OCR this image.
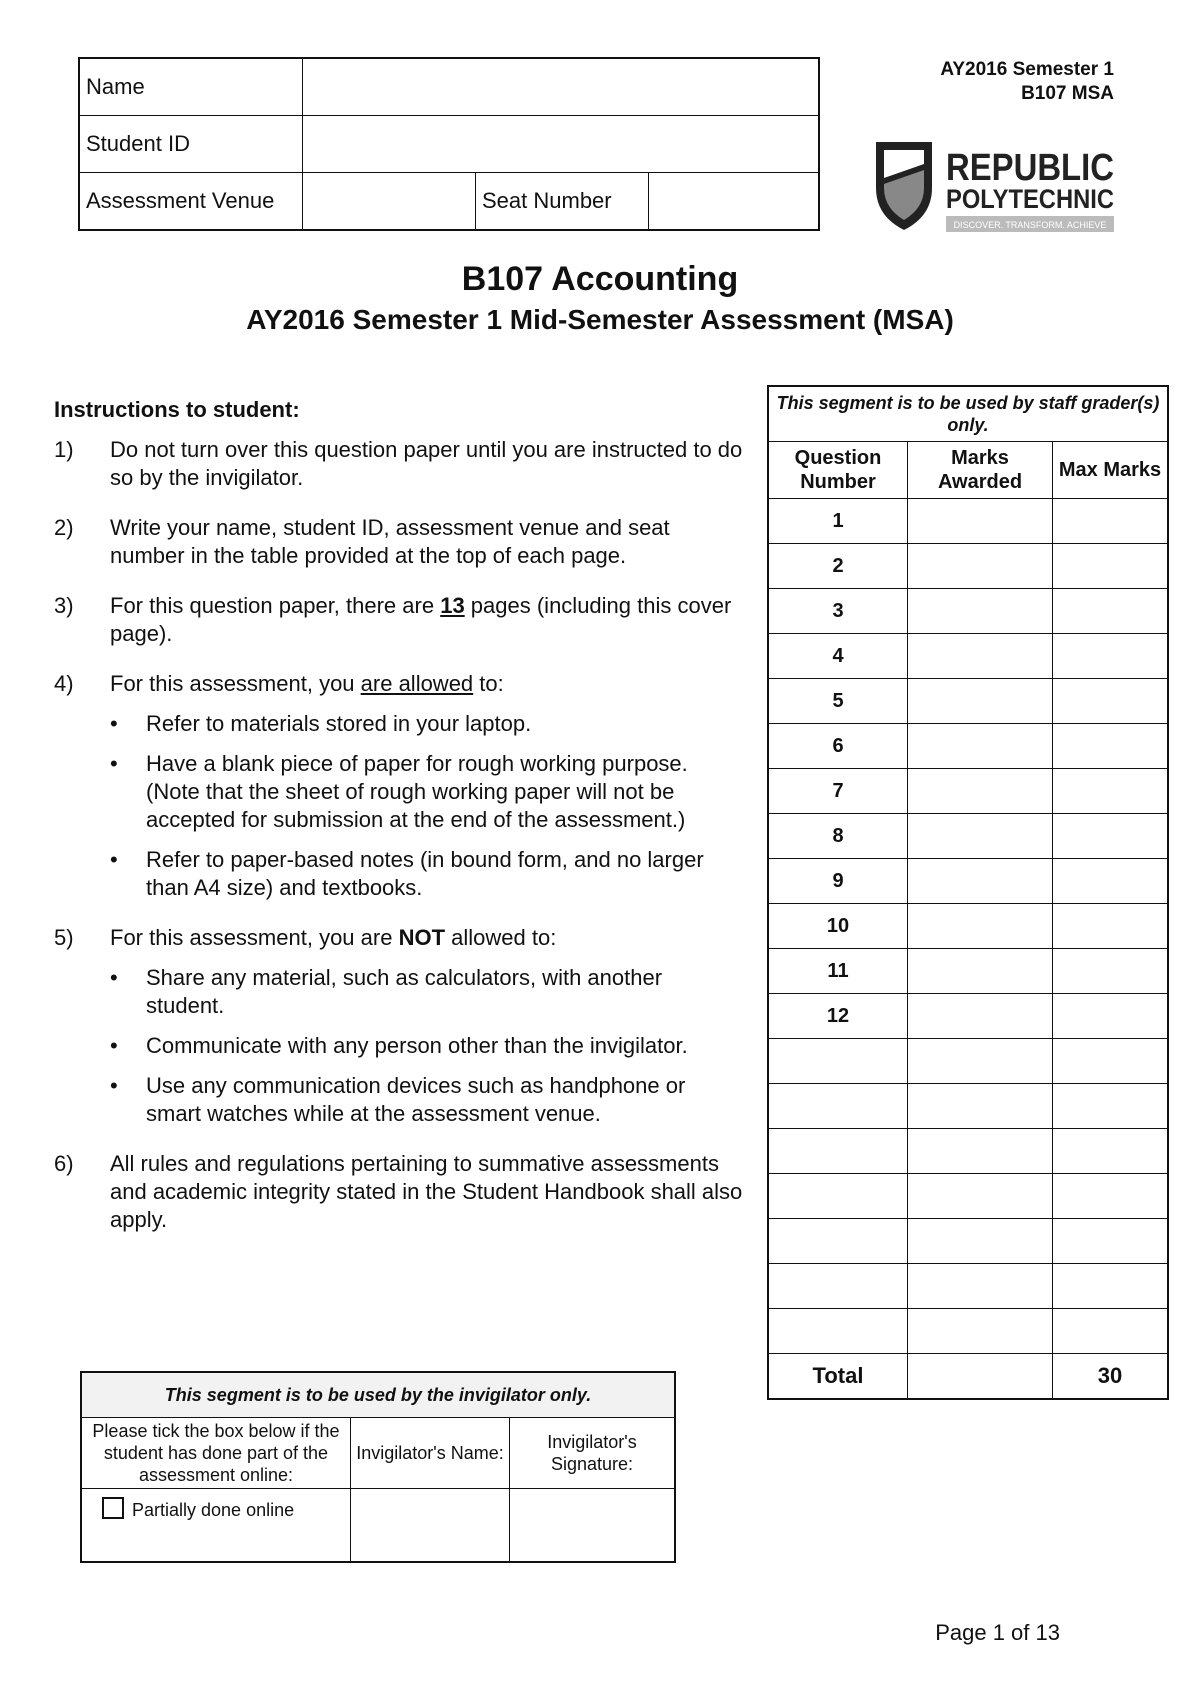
Name			
Student ID			
Assessment Venue		Seat Number	
AY2016 Semester 1
B107 MSA
REPUBLIC
POLYTECHNIC
DISCOVER. TRANSFORM. ACHIEVE
B107 Accounting
AY2016 Semester 1 Mid-Semester Assessment (MSA)
Instructions to student:
1)	Do not turn over this question paper until you are instructed to do so by the invigilator.
2)	Write your name, student ID, assessment venue and seat number in the table provided at the top of each page.
3)	For this question paper, there are 13 pages (including this cover page).
4)	For this assessment, you are allowed to:
•	Refer to materials stored in your laptop.
•	Have a blank piece of paper for rough working purpose. (Note that the sheet of rough working paper will not be accepted for submission at the end of the assessment.)
•	Refer to paper-based notes (in bound form, and no larger than A4 size) and textbooks.
5)	For this assessment, you are NOT allowed to:
•	Share any material, such as calculators, with another student.
•	Communicate with any person other than the invigilator.
•	Use any communication devices such as handphone or smart watches while at the assessment venue.
6)	All rules and regulations pertaining to summative assessments and academic integrity stated in the Student Handbook shall also apply.
This segment is to be used by staff grader(s) only.		
Question Number	Marks Awarded	Max Marks
1		
2		
3		
4		
5		
6		
7		
8		
9		
10		
11		
12		

Total		30
This segment is to be used by the invigilator only.		
Please tick the box below if the student has done part of the assessment online:	Invigilator's Name:	Invigilator's Signature:
Partially done online		
Page 1 of 13
